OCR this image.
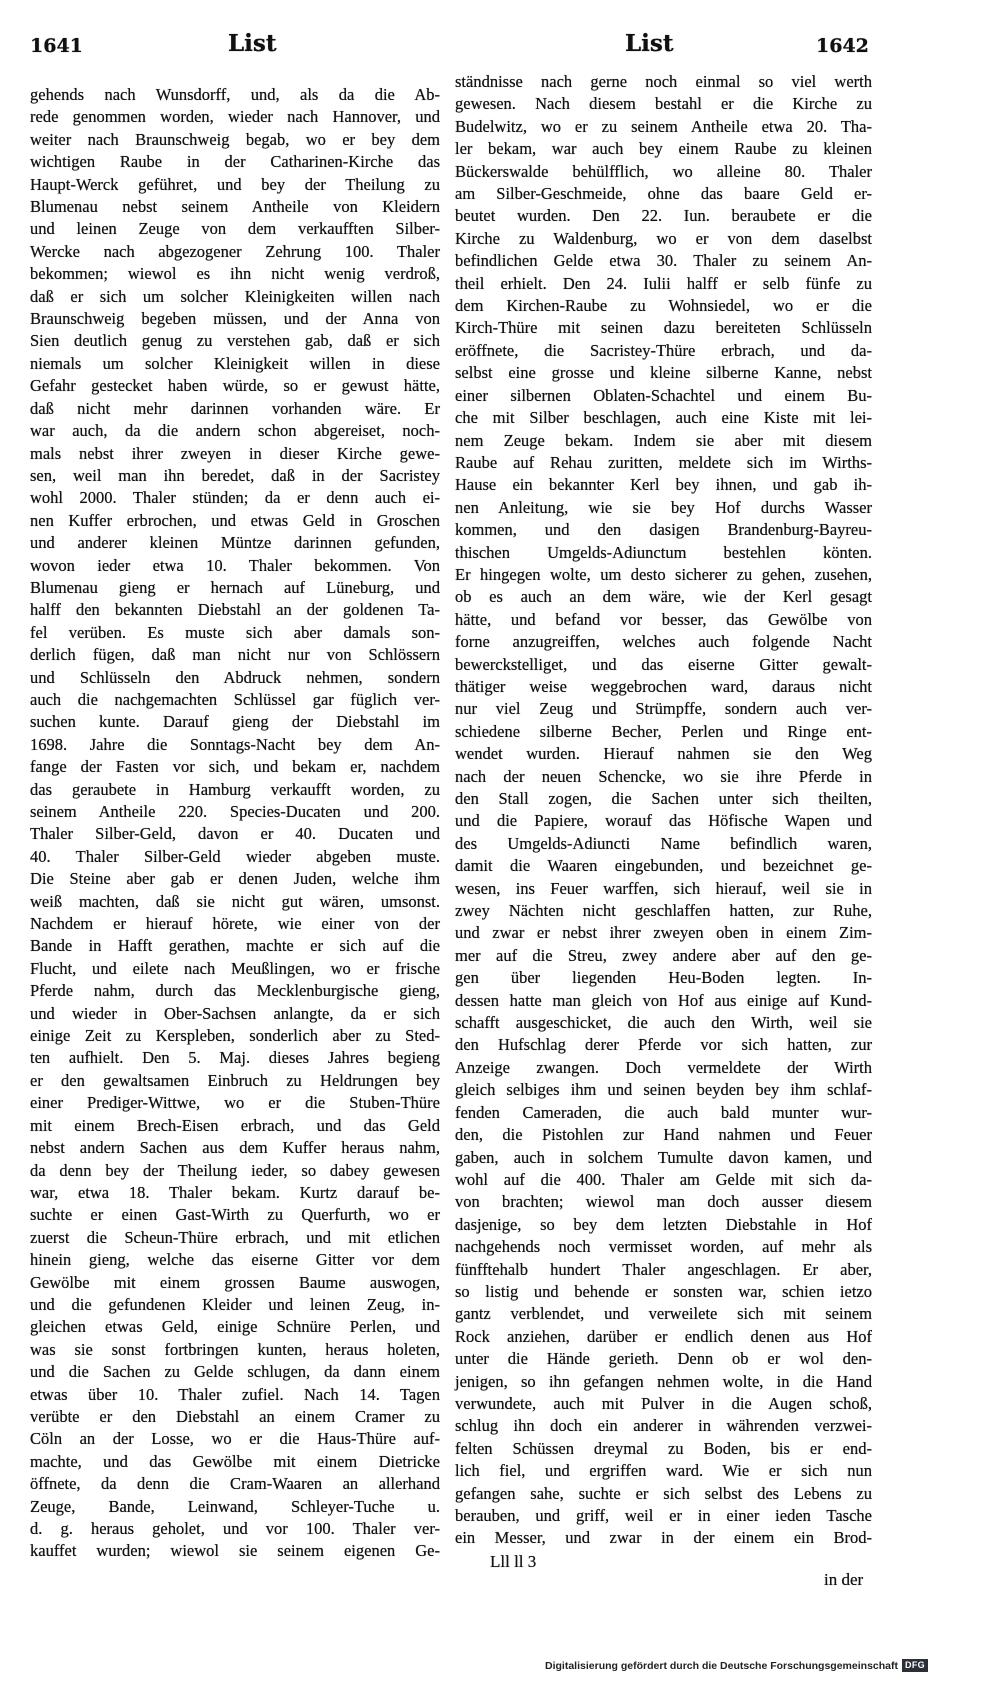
1641	List	List	1642
gehends nach Wunsdorff, und, als da die Ab-
rede genommen worden, wieder nach Hannover, und
weiter nach Braunschweig begab, wo er bey dem
wichtigen Raube in der Catharinen-Kirche das
Haupt-Werck geführet, und bey der Theilung zu
Blumenau nebst seinem Antheile von Kleidern
und leinen Zeuge von dem verkaufften Silber-
Wercke nach abgezogener Zehrung 100. Thaler
bekommen; wiewol es ihn nicht wenig verdroß,
daß er sich um solcher Kleinigkeiten willen nach
Braunschweig begeben müssen, und der Anna von
Sien deutlich genug zu verstehen gab, daß er sich
niemals um solcher Kleinigkeit willen in diese
Gefahr gestecket haben würde, so er gewust hätte,
daß nicht mehr darinnen vorhanden wäre. Er
war auch, da die andern schon abgereiset, noch-
mals nebst ihrer zweyen in dieser Kirche gewe-
sen, weil man ihn beredet, daß in der Sacristey
wohl 2000. Thaler stünden; da er denn auch ei-
nen Kuffer erbrochen, und etwas Geld in Groschen
und anderer kleinen Müntze darinnen gefunden,
wovon ieder etwa 10. Thaler bekommen. Von
Blumenau gieng er hernach auf Lüneburg, und
halff den bekannten Diebstahl an der goldenen Ta-
fel verüben. Es muste sich aber damals son-
derlich fügen, daß man nicht nur von Schlössern
und Schlüsseln den Abdruck nehmen, sondern
auch die nachgemachten Schlüssel gar füglich ver-
suchen kunte. Darauf gieng der Diebstahl im
1698. Jahre die Sonntags-Nacht bey dem An-
fange der Fasten vor sich, und bekam er, nachdem
das geraubete in Hamburg verkaufft worden, zu
seinem Antheile 220. Species-Ducaten und 200.
Thaler Silber-Geld, davon er 40. Ducaten und
40. Thaler Silber-Geld wieder abgeben muste.
Die Steine aber gab er denen Juden, welche ihm
weiß machten, daß sie nicht gut wären, umsonst.
Nachdem er hierauf hörete, wie einer von der
Bande in Hafft gerathen, machte er sich auf die
Flucht, und eilete nach Meußlingen, wo er frische
Pferde nahm, durch das Mecklenburgische gieng,
und wieder in Ober-Sachsen anlangte, da er sich
einige Zeit zu Kerspleben, sonderlich aber zu Sted-
ten aufhielt. Den 5. Maj. dieses Jahres begieng
er den gewaltsamen Einbruch zu Heldrungen bey
einer Prediger-Wittwe, wo er die Stuben-Thüre
mit einem Brech-Eisen erbrach, und das Geld
nebst andern Sachen aus dem Kuffer heraus nahm,
da denn bey der Theilung ieder, so dabey gewesen
war, etwa 18. Thaler bekam. Kurtz darauf be-
suchte er einen Gast-Wirth zu Querfurth, wo er
zuerst die Scheun-Thüre erbrach, und mit etlichen
hinein gieng, welche das eiserne Gitter vor dem
Gewölbe mit einem grossen Baume auswogen,
und die gefundenen Kleider und leinen Zeug, in-
gleichen etwas Geld, einige Schnüre Perlen, und
was sie sonst fortbringen kunten, heraus holeten,
und die Sachen zu Gelde schlugen, da dann einem
etwas über 10. Thaler zufiel. Nach 14. Tagen
verübte er den Diebstahl an einem Cramer zu
Cöln an der Losse, wo er die Haus-Thüre auf-
machte, und das Gewölbe mit einem Dietricke
öffnete, da denn die Cram-Waaren an allerhand
Zeuge, Bande, Leinwand, Schleyer-Tuche u.
d. g. heraus geholet, und vor 100. Thaler ver-
kauffet wurden; wiewol sie seinem eigenen Ge-
ständnisse nach gerne noch einmal so viel werth
gewesen. Nach diesem bestahl er die Kirche zu
Budelwitz, wo er zu seinem Antheile etwa 20. Tha-
ler bekam, war auch bey einem Raube zu kleinen
Bückerswalde behülfflich, wo alleine 80. Thaler
am Silber-Geschmeide, ohne das baare Geld er-
beutet wurden. Den 22. Iun. beraubete er die
Kirche zu Waldenburg, wo er von dem daselbst
befindlichen Gelde etwa 30. Thaler zu seinem An-
theil erhielt. Den 24. Iulii halff er selb fünfe zu
dem Kirchen-Raube zu Wohnsiedel, wo er die
Kirch-Thüre mit seinen dazu bereiteten Schlüsseln
eröffnete, die Sacristey-Thüre erbrach, und da-
selbst eine grosse und kleine silberne Kanne, nebst
einer silbernen Oblaten-Schachtel und einem Bu-
che mit Silber beschlagen, auch eine Kiste mit lei-
nem Zeuge bekam. Indem sie aber mit diesem
Raube auf Rehau zuritten, meldete sich im Wirths-
Hause ein bekannter Kerl bey ihnen, und gab ih-
nen Anleitung, wie sie bey Hof durchs Wasser
kommen, und den dasigen Brandenburg-Bayreu-
thischen Umgelds-Adiunctum bestehlen könten.
Er hingegen wolte, um desto sicherer zu gehen, zusehen,
ob es auch an dem wäre, wie der Kerl gesagt
hätte, und befand vor besser, das Gewölbe von
forne anzugreiffen, welches auch folgende Nacht
bewerckstelliget, und das eiserne Gitter gewalt-
thätiger weise weggebrochen ward, daraus nicht
nur viel Zeug und Strümpffe, sondern auch ver-
schiedene silberne Becher, Perlen und Ringe ent-
wendet wurden. Hierauf nahmen sie den Weg
nach der neuen Schencke, wo sie ihre Pferde in
den Stall zogen, die Sachen unter sich theilten,
und die Papiere, worauf das Höfische Wapen und
des Umgelds-Adiuncti Name befindlich waren,
damit die Waaren eingebunden, und bezeichnet ge-
wesen, ins Feuer warffen, sich hierauf, weil sie in
zwey Nächten nicht geschlaffen hatten, zur Ruhe,
und zwar er nebst ihrer zweyen oben in einem Zim-
mer auf die Streu, zwey andere aber auf den ge-
gen über liegenden Heu-Boden legten. In-
dessen hatte man gleich von Hof aus einige auf Kund-
schafft ausgeschicket, die auch den Wirth, weil sie
den Hufschlag derer Pferde vor sich hatten, zur
Anzeige zwangen. Doch vermeldete der Wirth
gleich selbiges ihm und seinen beyden bey ihm schlaf-
fenden Cameraden, die auch bald munter wur-
den, die Pistohlen zur Hand nahmen und Feuer
gaben, auch in solchem Tumulte davon kamen, und
wohl auf die 400. Thaler am Gelde mit sich da-
von brachten; wiewol man doch ausser diesem
dasjenige, so bey dem letzten Diebstahle in Hof
nachgehends noch vermisset worden, auf mehr als
fünfftehalb hundert Thaler angeschlagen. Er aber,
so listig und behende er sonsten war, schien ietzo
gantz verblendet, und verweilete sich mit seinem
Rock anziehen, darüber er endlich denen aus Hof
unter die Hände gerieth. Denn ob er wol den-
jenigen, so ihn gefangen nehmen wolte, in die Hand
verwundete, auch mit Pulver in die Augen schoß,
schlug ihn doch ein anderer in währenden verzwei-
felten Schüssen dreymal zu Boden, bis er end-
lich fiel, und ergriffen ward. Wie er sich nun
gefangen sahe, suchte er sich selbst des Lebens zu
berauben, und griff, weil er in einer ieden Tasche
ein Messer, und zwar in der einem ein Brod-
Lll ll 3
in der
Digitalisierung gefördert durch die Deutsche Forschungsgemeinschaft DFG
